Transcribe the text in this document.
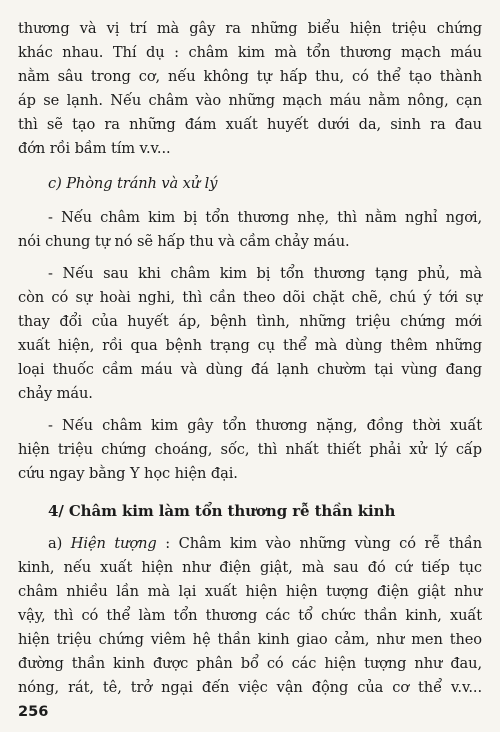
thương và vị trí mà gây ra những biểu hiện triệu chứng
khác nhau. Thí dụ : châm kim mà tổn thương mạch máu
nằm sâu trong cơ, nếu không tự hấp thu, có thể tạo thành
áp se lạnh. Nếu châm vào những mạch máu nằm nông, cạn
thì sẽ tạo ra những đám xuất huyết dưới da, sinh ra đau
đớn rồi bầm tím v.v...
c) Phòng tránh và xử lý
- Nếu châm kim bị tổn thương nhẹ, thì nằm nghỉ ngơi,
nói chung tự nó sẽ hấp thu và cầm chảy máu.
- Nếu sau khi châm kim bị tổn thương tạng phủ, mà
còn có sự hoài nghi, thì cần theo dõi chặt chẽ, chú ý tới sự
thay đổi của huyết áp, bệnh tình, những triệu chứng mới
xuất hiện, rồi qua bệnh trạng cụ thể mà dùng thêm những
loại thuốc cầm máu và dùng đá lạnh chườm tại vùng đang
chảy máu.
- Nếu châm kim gây tổn thương nặng, đồng thời xuất
hiện triệu chứng choáng, sốc, thì nhất thiết phải xử lý cấp
cứu ngay bằng Y học hiện đại.
4/ Châm kim làm tổn thương rễ thần kinh
a) Hiện tượng : Châm kim vào những vùng có rễ thần
kinh, nếu xuất hiện như điện giật, mà sau đó cứ tiếp tục
châm nhiều lần mà lại xuất hiện hiện tượng điện giật như
vậy, thì có thể làm tổn thương các tổ chức thần kinh, xuất
hiện triệu chứng viêm hệ thần kinh giao cảm, như men theo
đường thần kinh được phân bổ có các hiện tượng như đau,
nóng, rát, tê, trở ngại đến việc vận động của cơ thể v.v...
256
